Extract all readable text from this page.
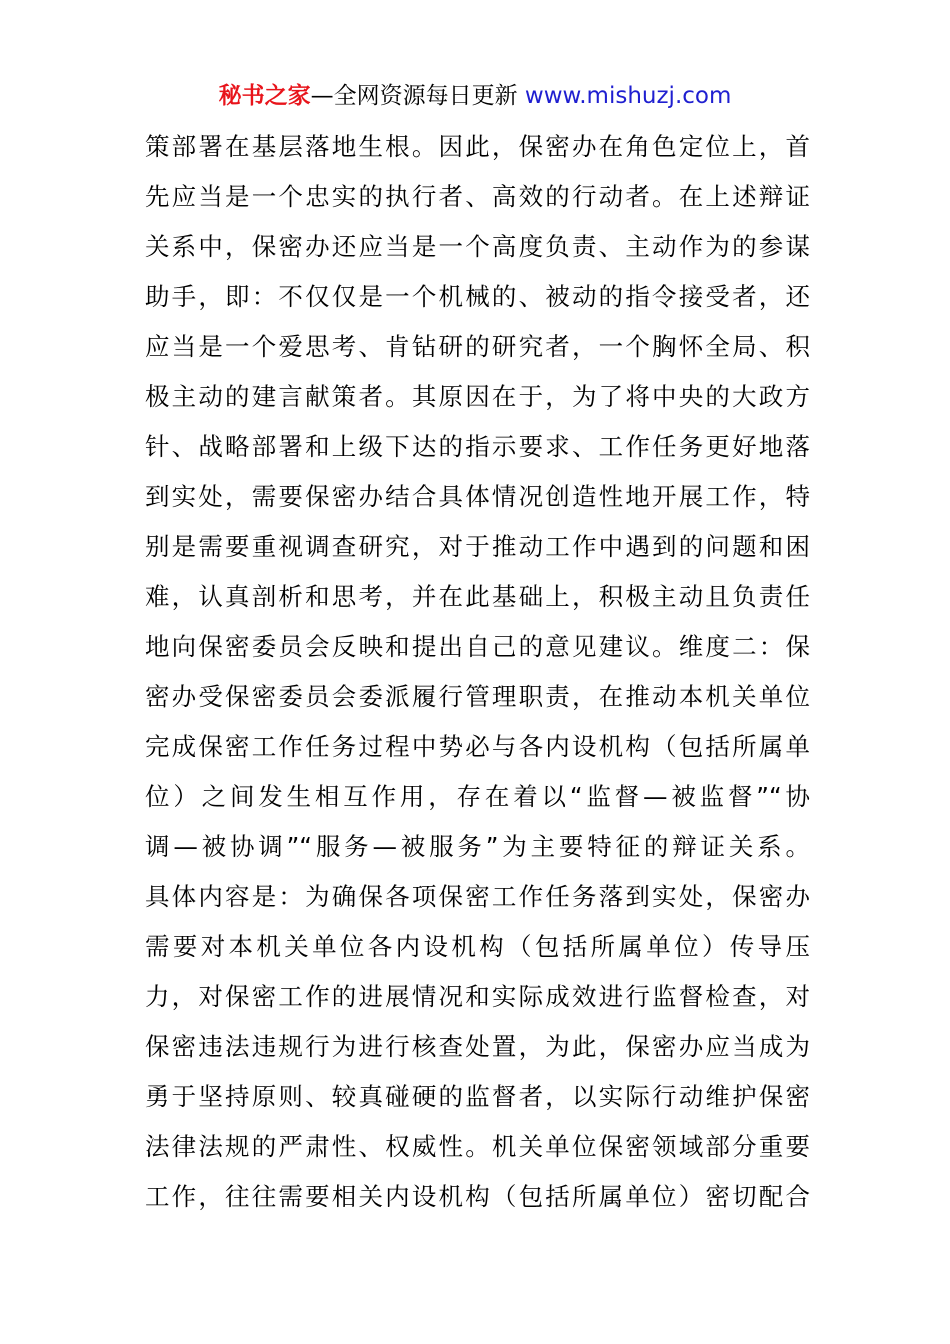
秘书之家—全网资源每日更新 www.mishuzj.com
策部署在基层落地生根。因此，保密办在角色定位上，首
先应当是一个忠实的执行者、高效的行动者。在上述辩证
关系中，保密办还应当是一个高度负责、主动作为的参谋
助手，即：不仅仅是一个机械的、被动的指令接受者，还
应当是一个爱思考、肯钻研的研究者，一个胸怀全局、积
极主动的建言献策者。其原因在于，为了将中央的大政方
针、战略部署和上级下达的指示要求、工作任务更好地落
到实处，需要保密办结合具体情况创造性地开展工作，特
别是需要重视调查研究，对于推动工作中遇到的问题和困
难，认真剖析和思考，并在此基础上，积极主动且负责任
地向保密委员会反映和提出自己的意见建议。维度二：保
密办受保密委员会委派履行管理职责，在推动本机关单位
完成保密工作任务过程中势必与各内设机构（包括所属单
位）之间发生相互作用，存在着以“监督—被监督”“协
调—被协调”“服务—被服务”为主要特征的辩证关系。
具体内容是：为确保各项保密工作任务落到实处，保密办
需要对本机关单位各内设机构（包括所属单位）传导压
力，对保密工作的进展情况和实际成效进行监督检查，对
保密违法违规行为进行核查处置，为此，保密办应当成为
勇于坚持原则、较真碰硬的监督者，以实际行动维护保密
法律法规的严肃性、权威性。机关单位保密领域部分重要
工作，往往需要相关内设机构（包括所属单位）密切配合
